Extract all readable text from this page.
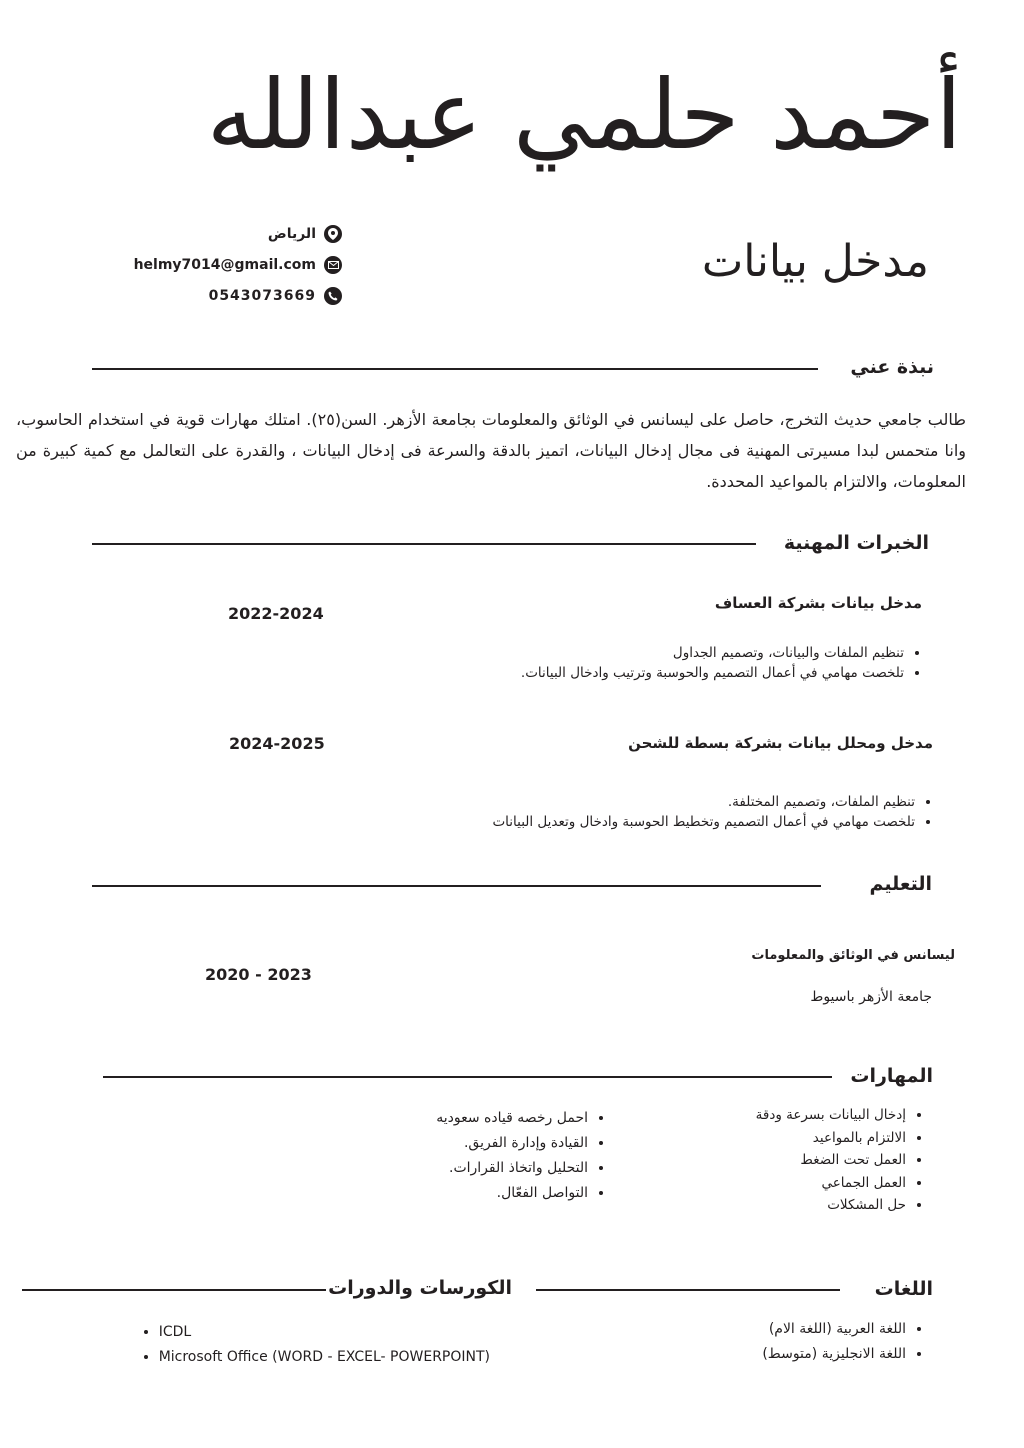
أحمد حلمي عبدالله
مدخل بيانات
الرياض
helmy7014@gmail.com
0543073669
نبذة عني
طالب جامعي حديث التخرج، حاصل على ليسانس في الوثائق والمعلومات بجامعة الأزهر. السن(٢٥). امتلك مهارات قوية في استخدام الحاسوب، وانا متحمس لبدا مسيرتى المهنية فى مجال إدخال البيانات، اتميز بالدقة والسرعة فى إدخال البيانات ، والقدرة على التعالمل مع كمية كبيرة من المعلومات، والالتزام بالمواعيد المحددة.
الخبرات المهنية
مدخل بيانات بشركة العساف
2022-2024
• تنظيم الملفات والبيانات، وتصميم الجداول
• تلخصت مهامي في أعمال التصميم والحوسبة وترتيب وادخال البيانات.
مدخل ومحلل بيانات بشركة بسطة للشحن
2024-2025
• تنظيم الملفات، وتصميم المختلفة.
• تلخصت مهامي في أعمال التصميم وتخطيط الحوسبة وادخال وتعديل البيانات
التعليم
ليسانس في الوثائق والمعلومات
2020 - 2023
جامعة الأزهر باسيوط
المهارات
• إدخال البيانات بسرعة ودقة
• الالتزام بالمواعيد
• العمل تحت الضغط
• العمل الجماعي
• حل المشكلات
• احمل رخصه قياده سعوديه
• القيادة وإدارة الفريق.
• التحليل واتخاذ القرارات.
• التواصل الفعّال.
اللغات
• اللغة العربية (اللغة الام)
• اللغة الانجليزية (متوسط)
الكورسات والدورات
• ICDL
• Microsoft Office (WORD - EXCEL- POWERPOINT)
